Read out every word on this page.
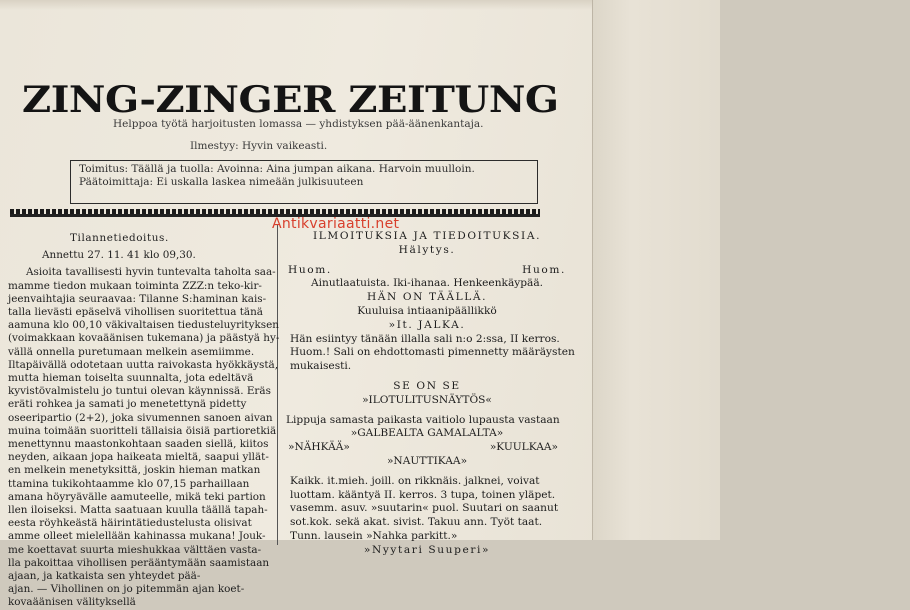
ZING-ZINGER ZEITUNG
Helppoa työtä harjoitusten lomassa — yhdistyksen pää-äänenkantaja.
Ilmestyy: Hyvin vaikeasti.
Toimitus: Täällä ja tuolla: Avoinna: Aina jumpan aikana. Harvoin muulloin.
Päätoimittaja: Ei uskalla laskea nimeään julkisuuteen
Tilannetiedoitus.
Annettu 27. 11. 41 klo 09,30.
Asioita tavallisesti hyvin tuntevalta taholta saa-
mamme tiedon mukaan toiminta ZZZ:n teko-kir-
jeenvaihtajia seuraavaa: Tilanne S:haminan kais-
talla lievästi epäselvä vihollisen suoritettua tänä
aamuna klo 00,10 väkivaltaisen tiedusteluyrityksen
(voimakkaan kovaäänisen tukemana) ja päästyä hy-
vällä onnella puretumaan melkein asemiimme.
Iltapäivällä odotetaan uutta raivokasta hyökkäystä,
mutta hieman toiselta suunnalta, jota edeltävä
kyvistövalmistelu jo tuntui olevan käynnissä. Eräs
eräti rohkea ja samati jo menetettynä pidetty
oseeripartio (2+2), joka sivumennen sanoen aivan
muina toimään suoritteli tällaisia öisiä partioretkiä
menettynnu maastonkohtaan saaden siellä, kiitos
neyden, aikaan jopa haikeata mieltä, saapui yllät-
en melkein menetyksittä, joskin hieman matkan
ttamina tukikohtaamme klo 07,15 parhaillaan
amana höyryävälle aamuteelle, mikä teki partion
llen iloiseksi. Matta saatuaan kuulla täällä tapah-
eesta röyhkeästä häirintätiedustelusta olisivat
amme olleet mielellään kahinassa mukana! Jouk-
me koettavat suurta mieshukkaa välttäen vasta-
lla pakoittaa vihollisen perääntymään saamistaan
ajaan, ja katkaista sen yhteydet pää-
ajan. — Vihollinen on jo pitemmän ajan koet-
kovaäänisen välityksellä
ILMOITUKSIA JA TIEDOITUKSIA.
Hälytys.
Huom.	Huom.
Ainutlaatuista. Iki-ihanaa. Henkeenkäypää.
HÄN ON TÄÄLLÄ.
Kuuluisa intiaanipäällikkö
»It. JALKA.
Hän esiintyy tänään illalla sali n:o 2:ssa, II kerros.
Huom.! Sali on ehdottomasti pimennetty määräysten
mukaisesti.
SE ON SE
»ILOTULITUSNÄYTÖS«
Lippuja samasta paikasta vaitiolo lupausta vastaan
»GALBEALTA GAMALALTA»
»NÄHKÄÄ»	»KUULKAA»
»NAUTTIKAA»
Kaikk. it.mieh. joill. on rikknäis. jalknei, voivat
luottam. kääntyä II. kerros. 3 tupa, toinen yläpet.
vasemm. asuv. »suutarin« puol. Suutari on saanut
sot.kok. sekä akat. sivist. Takuu ann. Työt taat.
Tunn. lausein »Nahka parkitt.»
»Nyytari Suuperi»
Antikvariaatti.net
